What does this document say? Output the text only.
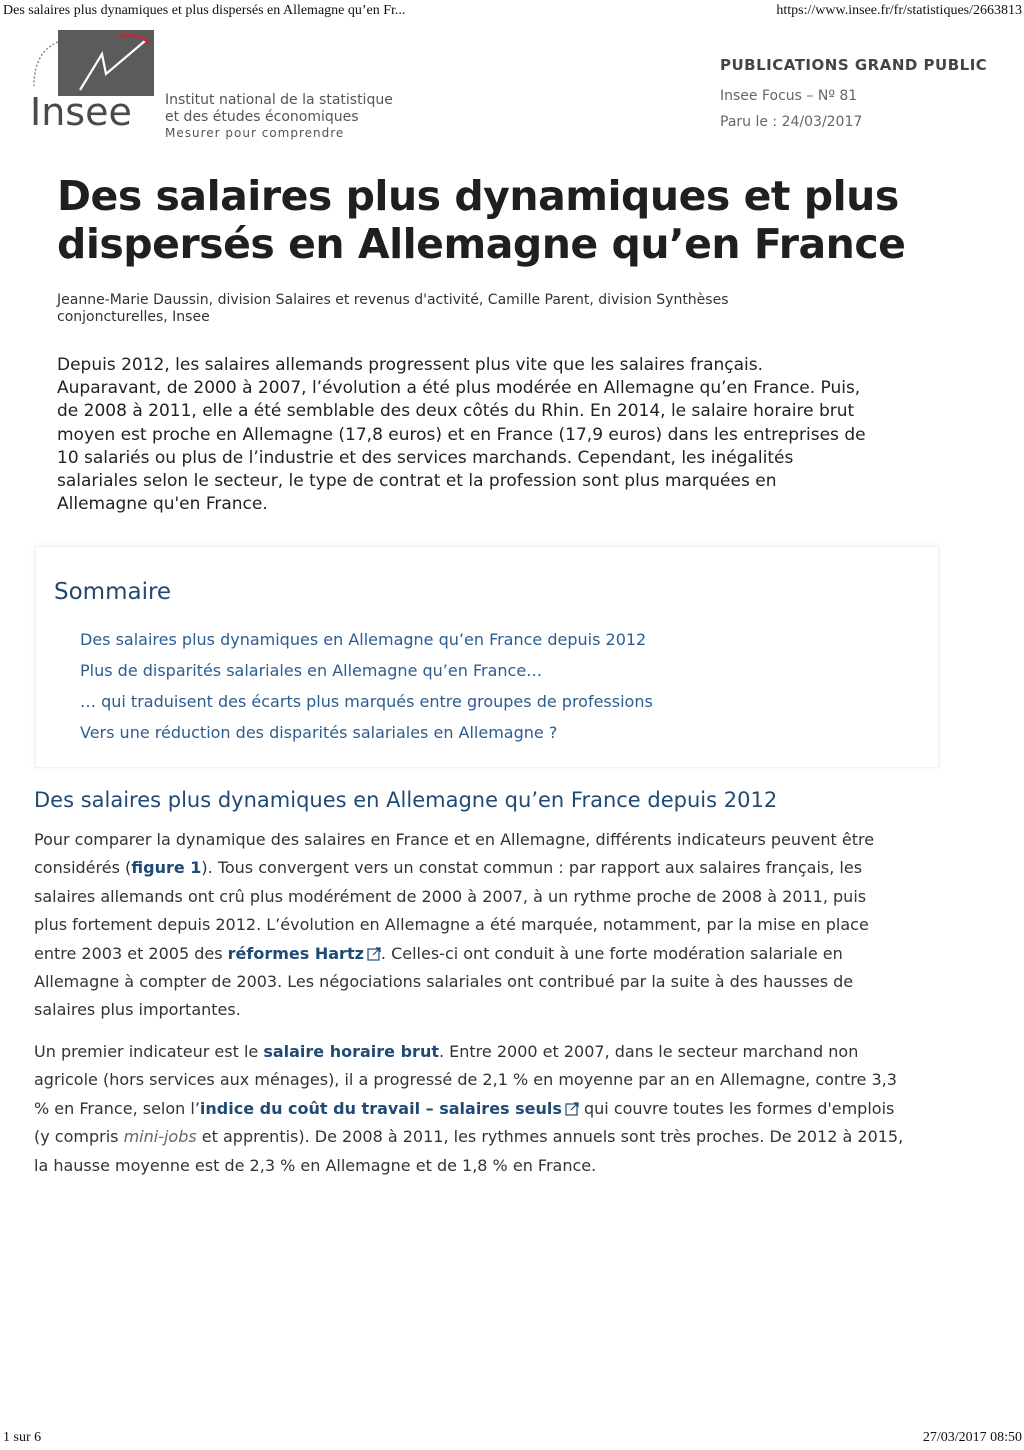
Des salaires plus dynamiques et plus dispersés en Allemagne qu’en Fr...	https://www.insee.fr/fr/statistiques/2663813
Insee Institut national de la statistique
et des études économiques
Mesurer pour comprendre
PUBLICATIONS GRAND PUBLIC
Insee Focus – Nº 81
Paru le : 24/03/2017
Des salaires plus dynamiques et plus dispersés en Allemagne qu’en France
Jeanne-Marie Daussin, division Salaires et revenus d'activité, Camille Parent, division Synthèses conjoncturelles, Insee
Depuis 2012, les salaires allemands progressent plus vite que les salaires français. Auparavant, de 2000 à 2007, l’évolution a été plus modérée en Allemagne qu’en France. Puis, de 2008 à 2011, elle a été semblable des deux côtés du Rhin. En 2014, le salaire horaire brut moyen est proche en Allemagne (17,8 euros) et en France (17,9 euros) dans les entreprises de 10 salariés ou plus de l’industrie et des services marchands. Cependant, les inégalités salariales selon le secteur, le type de contrat et la profession sont plus marquées en Allemagne qu'en France.
Sommaire
Des salaires plus dynamiques en Allemagne qu’en France depuis 2012
Plus de disparités salariales en Allemagne qu’en France…
… qui traduisent des écarts plus marqués entre groupes de professions
Vers une réduction des disparités salariales en Allemagne ?
Des salaires plus dynamiques en Allemagne qu’en France depuis 2012

Pour comparer la dynamique des salaires en France et en Allemagne, différents indicateurs peuvent être considérés (figure 1). Tous convergent vers un constat commun : par rapport aux salaires français, les salaires allemands ont crû plus modérément de 2000 à 2007, à un rythme proche de 2008 à 2011, puis plus fortement depuis 2012. L’évolution en Allemagne a été marquée, notamment, par la mise en place entre 2003 et 2005 des réformes Hartz . Celles-ci ont conduit à une forte modération salariale en Allemagne à compter de 2003. Les négociations salariales ont contribué par la suite à des hausses de salaires plus importantes.

Un premier indicateur est le salaire horaire brut. Entre 2000 et 2007, dans le secteur marchand non agricole (hors services aux ménages), il a progressé de 2,1 % en moyenne par an en Allemagne, contre 3,3 % en France, selon l’indice du coût du travail – salaires seuls qui couvre toutes les formes d'emplois (y compris mini-jobs et apprentis). De 2008 à 2011, les rythmes annuels sont très proches. De 2012 à 2015, la hausse moyenne est de 2,3 % en Allemagne et de 1,8 % en France.

1 sur 6	27/03/2017 08:50
